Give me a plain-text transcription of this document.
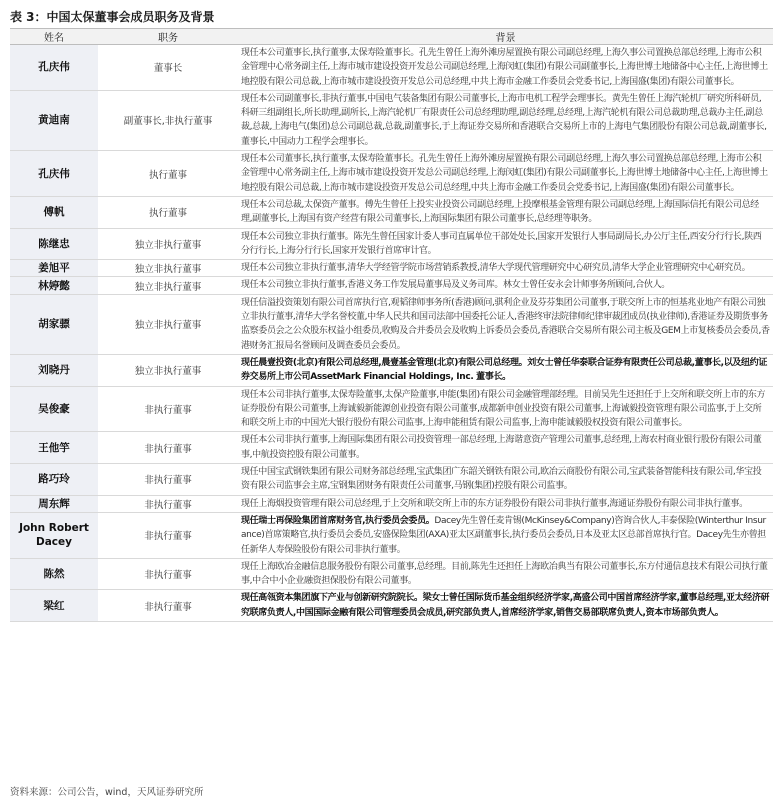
表 3：中国太保董事会成员职务及背景
姓名	职务	背景
孔庆伟	董事长	现任本公司董事长,执行董事,太保寿险董事长。孔先生曾任上海外滩房屋置换有限公司副总经理,上海久事公司置换总部总经理,上海市公积金管理中心常务副主任,上海市城市建设投资开发总公司副总经理,上海闵虹(集团)有限公司副董事长,上海世博土地储备中心主任,上海世博土地控股有限公司总裁,上海市城市建设投资开发总公司总经理,中共上海市金融工作委员会党委书记,上海国盛(集团)有限公司董事长。
黄迪南	副董事长,非执行董事	现任本公司副董事长,非执行董事,中国电气装备集团有限公司董事长,上海市电机工程学会理事长。黄先生曾任上海汽轮机厂研究所科研员,科研三组副组长,所长助理,副所长,上海汽轮机厂有限责任公司总经理助理,副总经理,总经理,上海汽轮机有限公司总裁助理,总裁办主任,副总裁,总裁,上海电气(集团)总公司副总裁,总裁,副董事长,于上海证券交易所和香港联合交易所上市的上海电气集团股份有限公司总裁,副董事长,董事长,中国动力工程学会理事长。
孔庆伟	执行董事	现任本公司董事长,执行董事,太保寿险董事长。孔先生曾任上海外滩房屋置换有限公司副总经理,上海久事公司置换总部总经理,上海市公积金管理中心常务副主任,上海市城市建设投资开发总公司副总经理,上海闵虹(集团)有限公司副董事长,上海世博土地储备中心主任,上海世博土地控股有限公司总裁,上海市城市建设投资开发总公司总经理,中共上海市金融工作委员会党委书记,上海国盛(集团)有限公司董事长。
傅帆	执行董事	现任本公司总裁,太保资产董事。傅先生曾任上投实业投资公司副总经理,上投摩根基金管理有限公司副总经理,上海国际信托有限公司总经理,副董事长,上海国有资产经营有限公司董事长,上海国际集团有限公司董事长,总经理等职务。
陈继忠	独立非执行董事	现任本公司独立非执行董事。陈先生曾任国家计委人事司直属单位干部处处长,国家开发银行人事局副局长,办公厅主任,西安分行行长,陕西分行行长,上海分行行长,国家开发银行首席审计官。
姜旭平	独立非执行董事	现任本公司独立非执行董事,清华大学经管学院市场营销系教授,清华大学现代管理研究中心研究员,清华大学企业管理研究中心研究员。
林婷懿	独立非执行董事	现任本公司独立非执行董事,香港义务工作发展局董事局及义务司库。林女士曾任安永会计师事务所顾问,合伙人。
胡家骠	独立非执行董事	现任信溢投资策划有限公司首席执行官,观韬律师事务所(香港)顾问,骐利企业及芬芬集团公司董事,于联交所上市的恒基兆业地产有限公司独立非执行董事,清华大学名誉校董,中华人民共和国司法部中国委托公证人,香港终审法院律师纪律审裁团成员(执业律师),香港证券及期货事务监察委员会之公众股东权益小组委员,收购及合并委员会及收购上诉委员会委员,香港联合交易所有限公司主板及GEM上市复核委员会委员,香港财务汇报局名誉顾问及调查委员会委员。
刘晓丹	独立非执行董事	现任晨壹投资(北京)有限公司总经理,晨壹基金管理(北京)有限公司总经理。刘女士曾任华泰联合证券有限责任公司总裁,董事长,以及纽约证券交易所上市公司AssetMark Financial Holdings, Inc. 董事长。
吴俊豪	非执行董事	现任本公司非执行董事,太保寿险董事,太保产险董事,申能(集团)有限公司金融管理部经理。目前吴先生还担任于上交所和联交所上市的东方证券股份有限公司董事,上海诚毅新能源创业投资有限公司董事,成都新申创业投资有限公司董事,上海诚毅投资管理有限公司监事,于上交所和联交所上市的中国光大银行股份有限公司监事,上海申能租赁有限公司监事,上海申能诚毅股权投资有限公司董事长。
王他竽	非执行董事	现任本公司非执行董事,上海国际集团有限公司投资管理一部总经理,上海谐意资产管理公司董事,总经理,上海农村商业银行股份有限公司董事,中航投资控股有限公司董事。
路巧玲	非执行董事	现任中国宝武钢铁集团有限公司财务部总经理,宝武集团广东韶关钢铁有限公司,欧冶云商股份有限公司,宝武装备智能科技有限公司,华宝投资有限公司监事会主席,宝钢集团财务有限责任公司董事,马钢(集团)控股有限公司监事。
周东辉	非执行董事	现任上海烟投资管理有限公司总经理,于上交所和联交所上市的东方证券股份有限公司非执行董事,海通证券股份有限公司非执行董事。
John Robert Dacey	非执行董事	现任瑞士再保险集团首席财务官,执行委员会委员。Dacey先生曾任麦肯锡(McKinsey&Company)咨询合伙人,丰泰保险(Winterthur Insurance)首席策略官,执行委员会委员,安盛保险集团(AXA)亚太区副董事长,执行委员会委员,日本及亚太区总部首席执行官。Dacey先生亦曾担任新华人寿保险股份有限公司非执行董事。
陈然	非执行董事	现任上海欧冶金融信息服务股份有限公司董事,总经理。目前,陈先生还担任上海欧冶典当有限公司董事长,东方付通信息技术有限公司执行董事,中合中小企业融资担保股份有限公司董事。
梁红	非执行董事	现任高瓴资本集团旗下产业与创新研究院院长。梁女士曾任国际货币基金组织经济学家,高盛公司中国首席经济学家,董事总经理,亚太经济研究联席负责人,中国国际金融有限公司管理委员会成员,研究部负责人,首席经济学家,销售交易部联席负责人,资本市场部负责人。
资料来源：公司公告，wind，天风证券研究所
